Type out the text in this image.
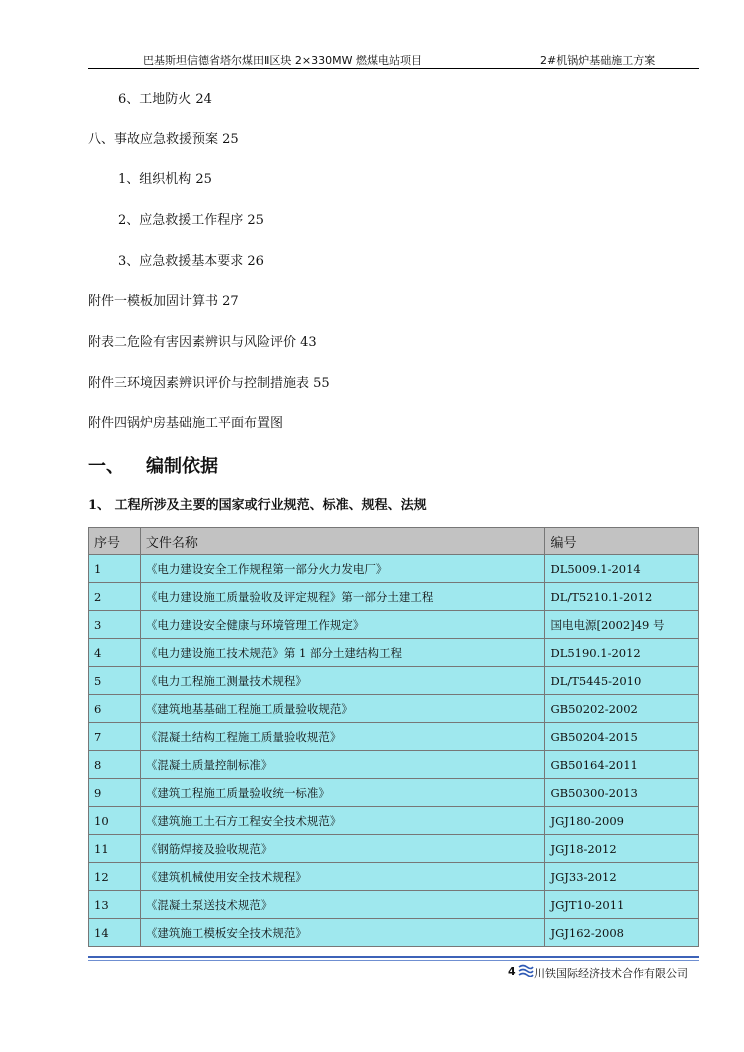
巴基斯坦信德省塔尔煤田Ⅱ区块 2×330MW 燃煤电站项目	2#机锅炉基础施工方案
6、工地防火 24
八、事故应急救援预案 25
1、组织机构 25
2、应急救援工作程序 25
3、应急救援基本要求 26
附件一模板加固计算书 27
附表二危险有害因素辨识与风险评价 43
附件三环境因素辨识评价与控制措施表 55
附件四锅炉房基础施工平面布置图
一、 编制依据
1、 工程所涉及主要的国家或行业规范、标准、规程、法规
序号	文件名称	编号
1	《电力建设安全工作规程第一部分火力发电厂》	DL5009.1-2014
2	《电力建设施工质量验收及评定规程》第一部分土建工程	DL/T5210.1-2012
3	《电力建设安全健康与环境管理工作规定》	国电电源[2002]49 号
4	《电力建设施工技术规范》第 1 部分土建结构工程	DL5190.1-2012
5	《电力工程施工测量技术规程》	DL/T5445-2010
6	《建筑地基基础工程施工质量验收规范》	GB50202-2002
7	《混凝土结构工程施工质量验收规范》	GB50204-2015
8	《混凝土质量控制标准》	GB50164-2011
9	《建筑工程施工质量验收统一标准》	GB50300-2013
10	《建筑施工土石方工程安全技术规范》	JGJ180-2009
11	《钢筋焊接及验收规范》	JGJ18-2012
12	《建筑机械使用安全技术规程》	JGJ33-2012
13	《混凝土泵送技术规范》	JGJT10-2011
14	《建筑施工模板安全技术规范》	JGJ162-2008
4 川铁国际经济技术合作有限公司
